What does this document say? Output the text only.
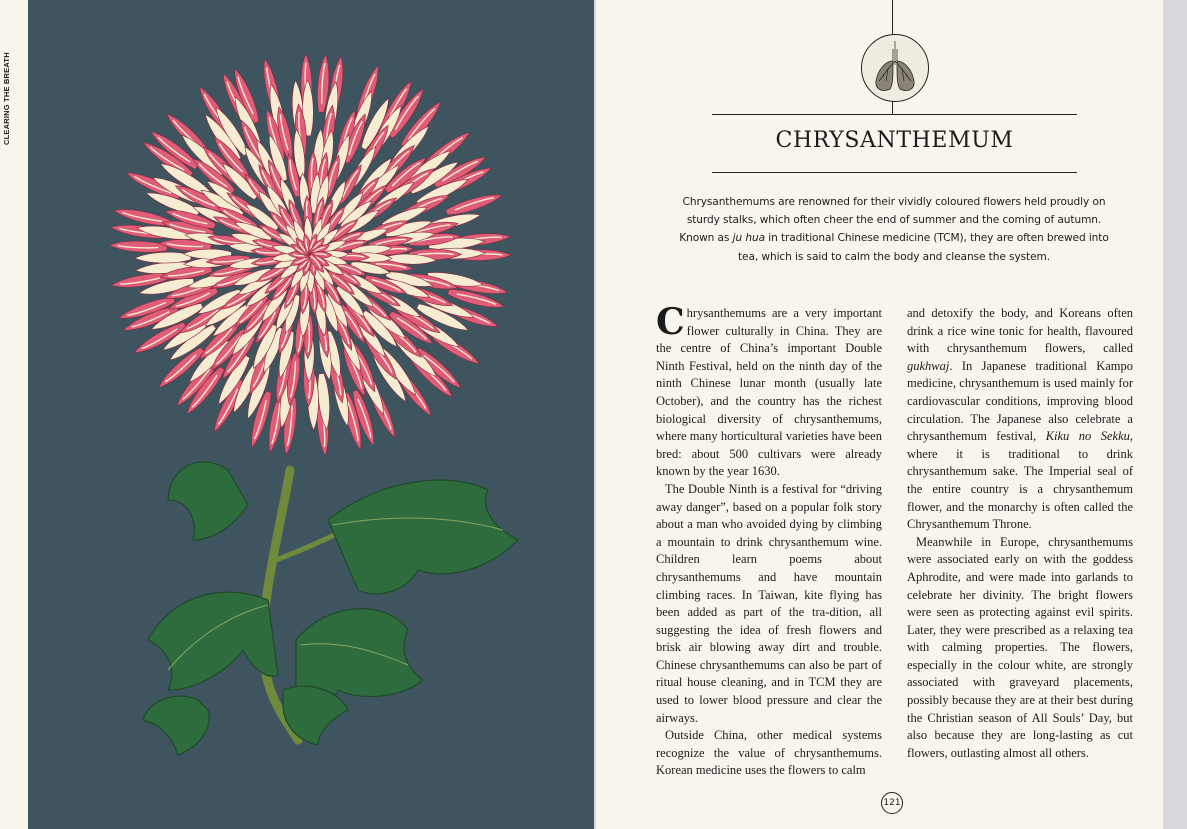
CLEARING THE BREATH	CHRYSANTHEMUM
Chrysanthemums are renowned for their vividly coloured flowers held proudly on sturdy stalks, which often cheer the end of summer and the coming of autumn. Known as ju hua in traditional Chinese medicine (TCM), they are often brewed into tea, which is said to calm the body and cleanse the system.

Chrysanthemums are a very important flower culturally in China. They are the centre of China’s important Double Ninth Festival, held on the ninth day of the ninth Chinese lunar month (usually late October), and the country has the richest biological diversity of chrysanthemums, where many horticultural varieties have been bred: about 500 cultivars were already known by the year 1630.

The Double Ninth is a festival for “driving away danger”, based on a popular folk story about a man who avoided dying by climbing a mountain to drink chrysanthemum wine. Children learn poems about chrysanthemums and have mountain climbing races. In Taiwan, kite flying has been added as part of the tra-dition, all suggesting the idea of fresh flowers and brisk air blowing away dirt and trouble. Chinese chrysanthemums can also be part of ritual house cleaning, and in TCM they are used to lower blood pressure and clear the airways.

Outside China, other medical systems recognize the value of chrysanthemums. Korean medicine uses the flowers to calm

and detoxify the body, and Koreans often drink a rice wine tonic for health, flavoured with chrysanthemum flowers, called gukhwaj. In Japanese traditional Kampo medicine, chrysanthemum is used mainly for cardiovascular conditions, improving blood circulation. The Japanese also celebrate a chrysanthemum festival, Kiku no Sekku, where it is traditional to drink chrysanthemum sake. The Imperial seal of the entire country is a chrysanthemum flower, and the monarchy is often called the Chrysanthemum Throne.

Meanwhile in Europe, chrysanthemums were associated early on with the goddess Aphrodite, and were made into garlands to celebrate her divinity. The bright flowers were seen as protecting against evil spirits. Later, they were prescribed as a relaxing tea with calming properties. The flowers, especially in the colour white, are strongly associated with graveyard placements, possibly because they are at their best during the Christian season of All Souls’ Day, but also because they are long-lasting as cut flowers, outlasting almost all others.

121
